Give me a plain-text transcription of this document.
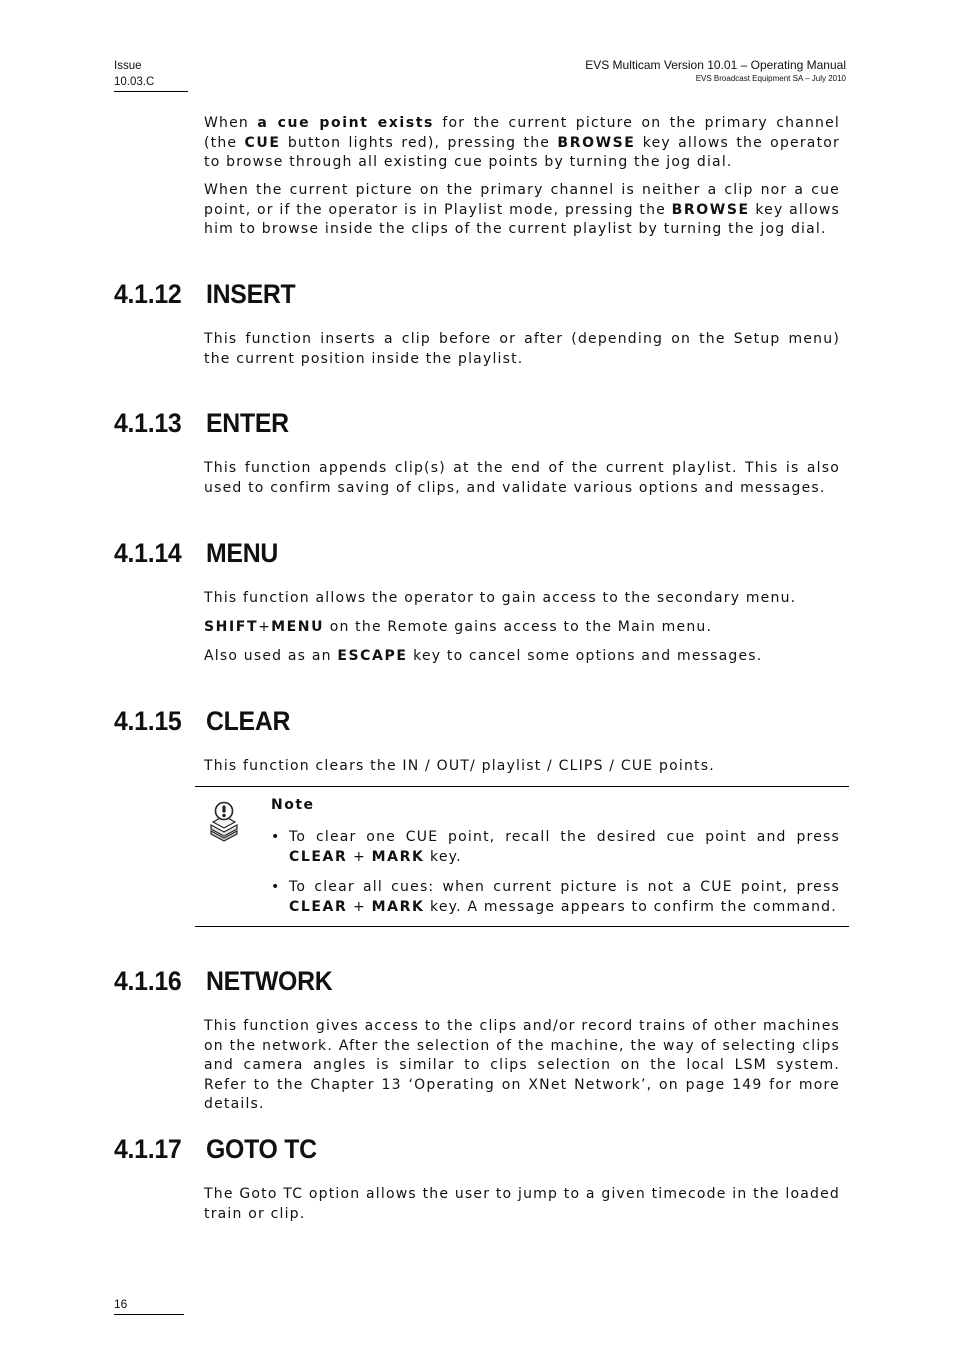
Issue
10.03.C
EVS Multicam Version 10.01 – Operating Manual
EVS Broadcast Equipment SA – July 2010

When a cue point exists for the current picture on the primary channel (the CUE button lights red), pressing the BROWSE key allows the operator to browse through all existing cue points by turning the jog dial.

When the current picture on the primary channel is neither a clip nor a cue point, or if the operator is in Playlist mode, pressing the BROWSE key allows him to browse inside the clips of the current playlist by turning the jog dial.

4.1.12 INSERT

This function inserts a clip before or after (depending on the Setup menu) the current position inside the playlist.

4.1.13 ENTER

This function appends clip(s) at the end of the current playlist. This is also used to confirm saving of clips, and validate various options and messages.

4.1.14 MENU

This function allows the operator to gain access to the secondary menu.

SHIFT+MENU on the Remote gains access to the Main menu.

Also used as an ESCAPE key to cancel some options and messages.

4.1.15 CLEAR

This function clears the IN / OUT/ playlist / CLIPS / CUE points.

Note
• To clear one CUE point, recall the desired cue point and press CLEAR + MARK key.
• To clear all cues: when current picture is not a CUE point, press CLEAR + MARK key. A message appears to confirm the command.
4.1.16 NETWORK

This function gives access to the clips and/or record trains of other machines on the network. After the selection of the machine, the way of selecting clips and camera angles is similar to clips selection on the local LSM system. Refer to the Chapter 13 ‘Operating on XNet Network’, on page 149 for more details.

4.1.17 GOTO TC

The Goto TC option allows the user to jump to a given timecode in the loaded train or clip.

16
